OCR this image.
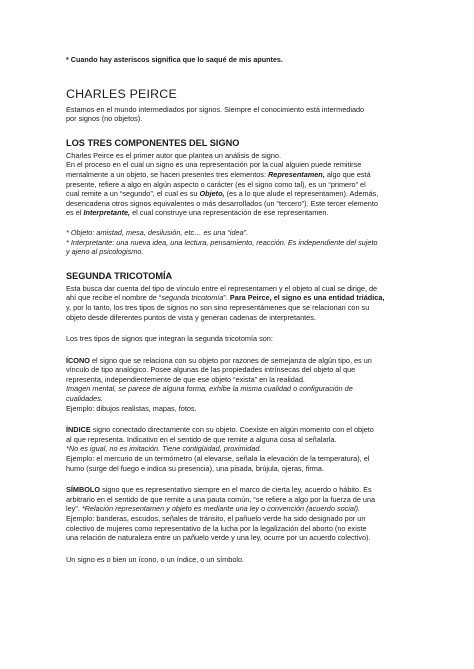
* Cuando hay asteriscos significa que lo saqué de mis apuntes.

CHARLES PEIRCE

Estamos en el mundo intermediados por signos. Siempre el conocimiento está intermediado
por signos (no objetos).

LOS TRES COMPONENTES DEL SIGNO

Charles Peirce es el primer autor que plantea un análisis de signo.
En el proceso en el cual un signo es una representación por la cual alguien puede remitirse
mentalmente a un objeto, se hacen presentes tres elementos: Representamen, algo que está
presente, refiere a algo en algún aspecto o carácter (es el signo como tal), es un “primero” el
cual remite a un “segundo”, el cual es su Objeto, (es a lo que alude el representamen). Además,
desencadena otros signos equivalentes o más desarrollados (un “tercero”). Este tercer elemento
es el Interpretante, el cual construye una representación de ese representamen.

* Objeto: amistad, mesa, desilusión, etc… es una “idea”.
* Interpretante: una nueva idea, una lectura, pensamiento, reacción. Es independiente del sujeto
y ajeno al psicologismo.

SEGUNDA TRICOTOMÍA

Esta busca dar cuenta del tipo de vínculo entre el representamen y el objeto al cual se dirige, de
ahí que recibe el nombre de “segunda tricotomía”. Para Peirce, el signo es una entidad triádica,
y, por lo tanto, los tres tipos de signos no son sino representámenes que se relacionan con su
objeto desde diferentes puntos de vista y generan cadenas de interpretantes.

Los tres tipos de signos que integran la segunda tricotomía son:

ÍCONO el signo que se relaciona con su objeto por razones de semejanza de algún tipo, es un
vínculo de tipo analógico. Posee algunas de las propiedades intrínsecas del objeto al que
representa, independientemente de que ese objeto “exista” en la realidad.
Imagen mental, se parece de alguna forma, exhibe la misma cualidad o configuración de
cualidades.
Ejemplo: dibujos realistas, mapas, fotos.

ÍNDICE signo conectado directamente con su objeto. Coexiste en algún momento con el objeto
al que representa. Indicativo en el sentido de que remite a alguna cosa al señalarla.
*No es igual, no es imitación. Tiene contigüidad, proximidad.
Ejemplo: el mercurio de un termómetro (al elevarse, señala la elevación de la temperatura), el
humo (surge del fuego e indica su presencia), una pisada, brújula, ojeras, firma.

SÍMBOLO signo que es representativo siempre en el marco de cierta ley, acuerdo o hábito. Es
arbitrario en el sentido de que remite a una pauta común, “se refiere a algo por la fuerza de una
ley”. *Relación representamen y objeto es mediante una ley o convención (acuerdo social).
Ejemplo: banderas, escudos, señales de tránsito, el pañuelo verde ha sido designado por un
colectivo de mujeres como representativo de la lucha por la legalización del aborto (no existe
una relación de naturaleza entre un pañuelo verde y una ley, ocurre por un acuerdo colectivo).

Un signo es o bien un ícono, o un índice, o un símbolo.
